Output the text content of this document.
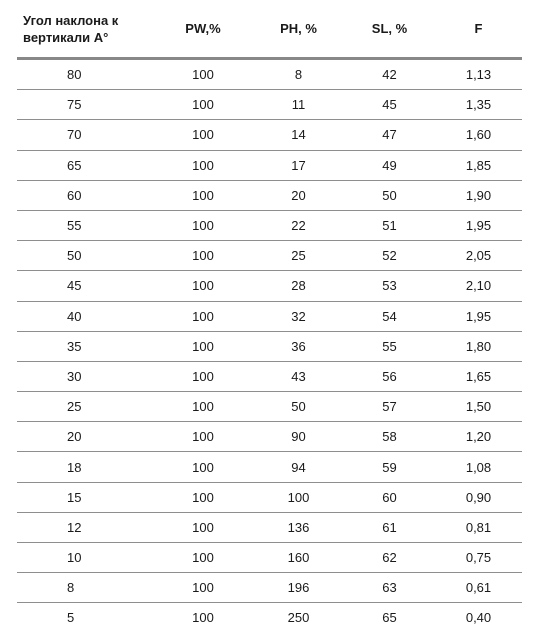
Угол наклона к
вертикали А°	PW,%	PH, %	SL, %	F
80	100	8	42	1,13
75	100	11	45	1,35
70	100	14	47	1,60
65	100	17	49	1,85
60	100	20	50	1,90
55	100	22	51	1,95
50	100	25	52	2,05
45	100	28	53	2,10
40	100	32	54	1,95
35	100	36	55	1,80
30	100	43	56	1,65
25	100	50	57	1,50
20	100	90	58	1,20
18	100	94	59	1,08
15	100	100	60	0,90
12	100	136	61	0,81
10	100	160	62	0,75
8	100	196	63	0,61
5	100	250	65	0,40
